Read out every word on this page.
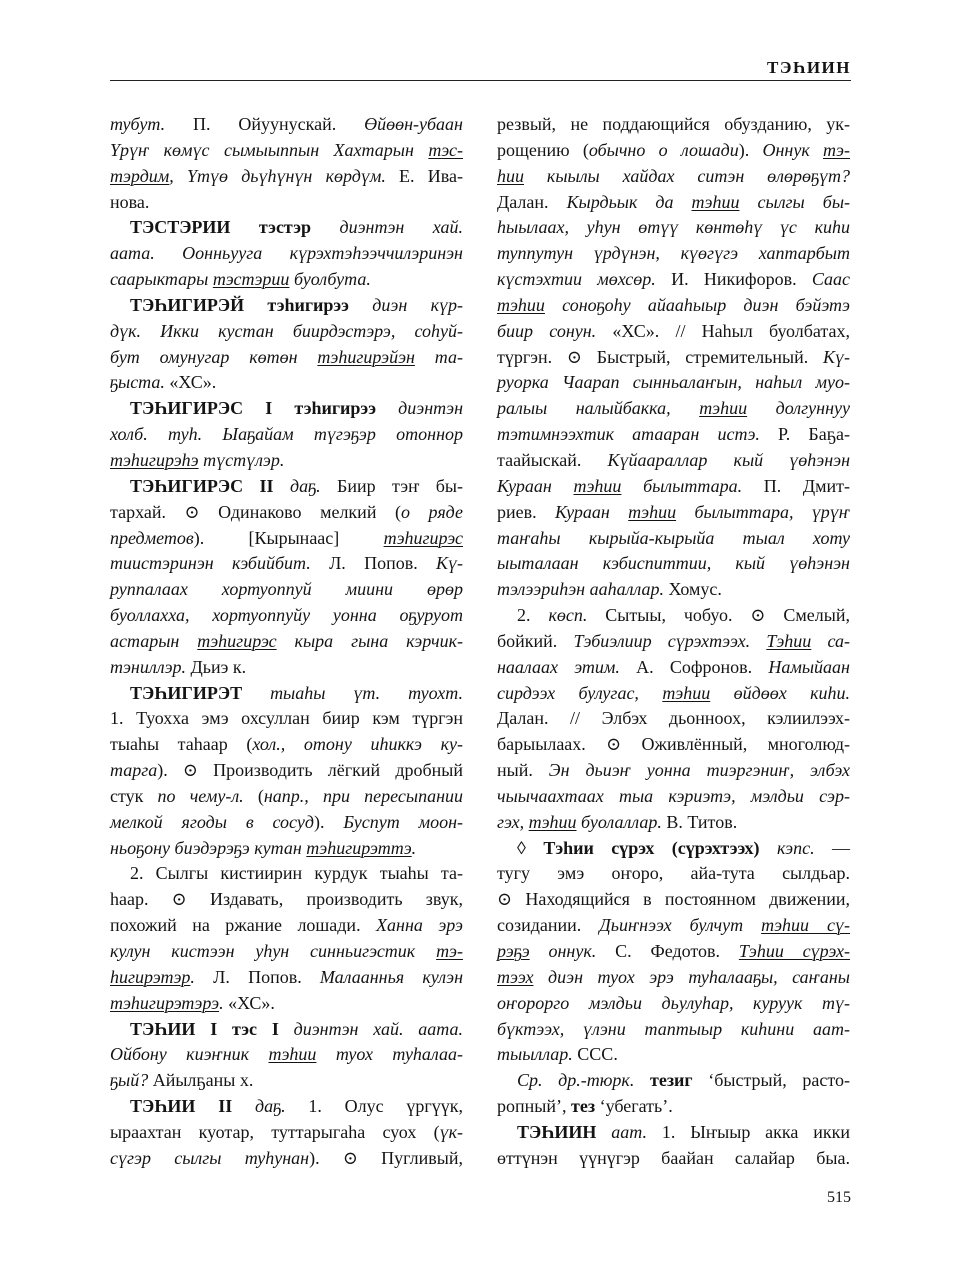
ТЭҺИИН
тубут. П. Ойуунускай. Өйөөн-убаан
Үрүҥ көмүс сымыыппын Хахтарын тэс-
тэрдим, Үтүө дьүһүнүн көрдүм. Е. Ива-
нова.
ТЭСТЭРИИ тэстэр диэнтэн хай.
аата. Оонньууга күрэхтэһээччилэринэн
саарыктары тэстэрии буолбута.
ТЭҺИГИРЭЙ тэһигирээ диэн күр-
дүк. Икки кустан биирдэстэрэ, соһуй-
бут омунугар көтөн тэһигирэйэн та-
ҕыста. «ХС».
ТЭҺИГИРЭС I тэһигирээ диэнтэн
холб. туһ. Ыаҕайам түгэҕэр отоннор
тэһигирэһэ түстүлэр.
ТЭҺИГИРЭС II даҕ. Биир тэҥ бы-
тархай. ⊙ Одинаково мелкий (о ряде
предметов). [Кырынаас] тэһигирэс
тиистэринэн кэбийбит. Л. Попов. Кү-
руппалаах хортуоппуй миини өрөр
буоллахха, хортуоппуйу уонна оҕуруот
астарын тэһигирэс кыра гына кэрчик-
тэниллэр. Дьиэ к.
ТЭҺИГИРЭТ тыаһы үт. туохт.
1. Туохха эмэ охсуллан биир кэм түргэн
тыаһы таһаар (хол., отону иһиккэ ку-
тарга). ⊙ Производить лёгкий дробный
стук по чему-л. (напр., при пересыпании
мелкой ягоды в сосуд). Буспут моон-
ньоҕону биэдэрэҕэ кутан тэһигирэттэ.
2. Сылгы кистиирин курдук тыаһы та-
һаар. ⊙ Издавать, производить звук,
похожий на ржание лошади. Ханна эрэ
кулун кистээн уһун синньигэстик тэ-
һигирэтэр. Л. Попов. Малааннья кулэн
тэһигирэтэрэ. «ХС».
ТЭҺИИ I тэс I диэнтэн хай. аата.
Ойбону киэҥник тэһии туох туһалаа-
ҕый? Айылҕаны х.
ТЭҺИИ II даҕ. 1. Олус үргүүк,
ыраахтан куотар, туттарыгаһа суох (үк-
сүгэр сылгы туһунан). ⊙ Пугливый,
резвый, не поддающийся обузданию, ук-
рощению (обычно о лошади). Оннук тэ-
һии кыылы хайдах ситэн өлөрөҕүт?
Далан. Кырдьык да тэһии сылгы бы-
һыылаах, уһун өтүү көнтөһү үс киһи
туппутун үрдүнэн, күөгүгэ хаптарбыт
күстэхтии мөхсөр. И. Никифоров. Саас
тэһии соноҕоһу айааһыыр диэн бэйэтэ
биир сонун. «ХС». // Наһыл буолбатах,
түргэн. ⊙ Быстрый, стремительный. Кү-
руорка Чаарап сынньалаҥын, наһыл муо-
ралыы налыйбакка, тэһии долгуннуу
тэтимнээхтик атааран истэ. Р. Баҕа-
таайыскай. Күйаараллар кый үөһэнэн
Кураан тэһии былыттара. П. Дмит-
риев. Кураан тэһии былыттара, үрүҥ
таҥаһы кырыйа-кырыйа тыал хоту
ыыталаан кэбиспиттии, кый үөһэнэн
тэлээриһэн ааһаллар. Хомус.
2. көсп. Сытыы, чобуо. ⊙ Смелый,
бойкий. Тэбиэлиир сүрэхтээх. Тэһии са-
наалаах этим. А. Софронов. Намыйаан
сирдээх булугас, тэһии өйдөөх киһи.
Далан. // Элбэх дьонноох, кэлиилээх-
барыылаах. ⊙ Оживлённый, многолюд-
ный. Эн дьиэҥ уонна тиэргэниҥ, элбэх
чыычаахтаах тыа кэриэтэ, мэлдьи сэр-
гэх, тэһии буолаллар. В. Титов.
◊ Тэһии сүрэх (сүрэхтээх) кэпс. —
тугу эмэ оҥоро, айа-тута сылдьар.
⊙ Находящийся в постоянном движении,
созидании. Дьиҥнээх булчут тэһии сү-
рэҕэ оннук. С. Федотов. Тэһии сүрэх-
тээх диэн туох эрэ туһалааҕы, саҥаны
оҥорорго мэлдьи дьулуһар, куруук тү-
бүктээх, үлэни таптыыр киһини аат-
тыыллар. ССС.
Ср. др.-тюрк. тезиг ‘быстрый, расто-
ропный’, тез ‘убегать’.
ТЭҺИИН аат. 1. Ыҥыыр акка икки
өттүнэн үүнүгэр баайан салайар быа.
515
